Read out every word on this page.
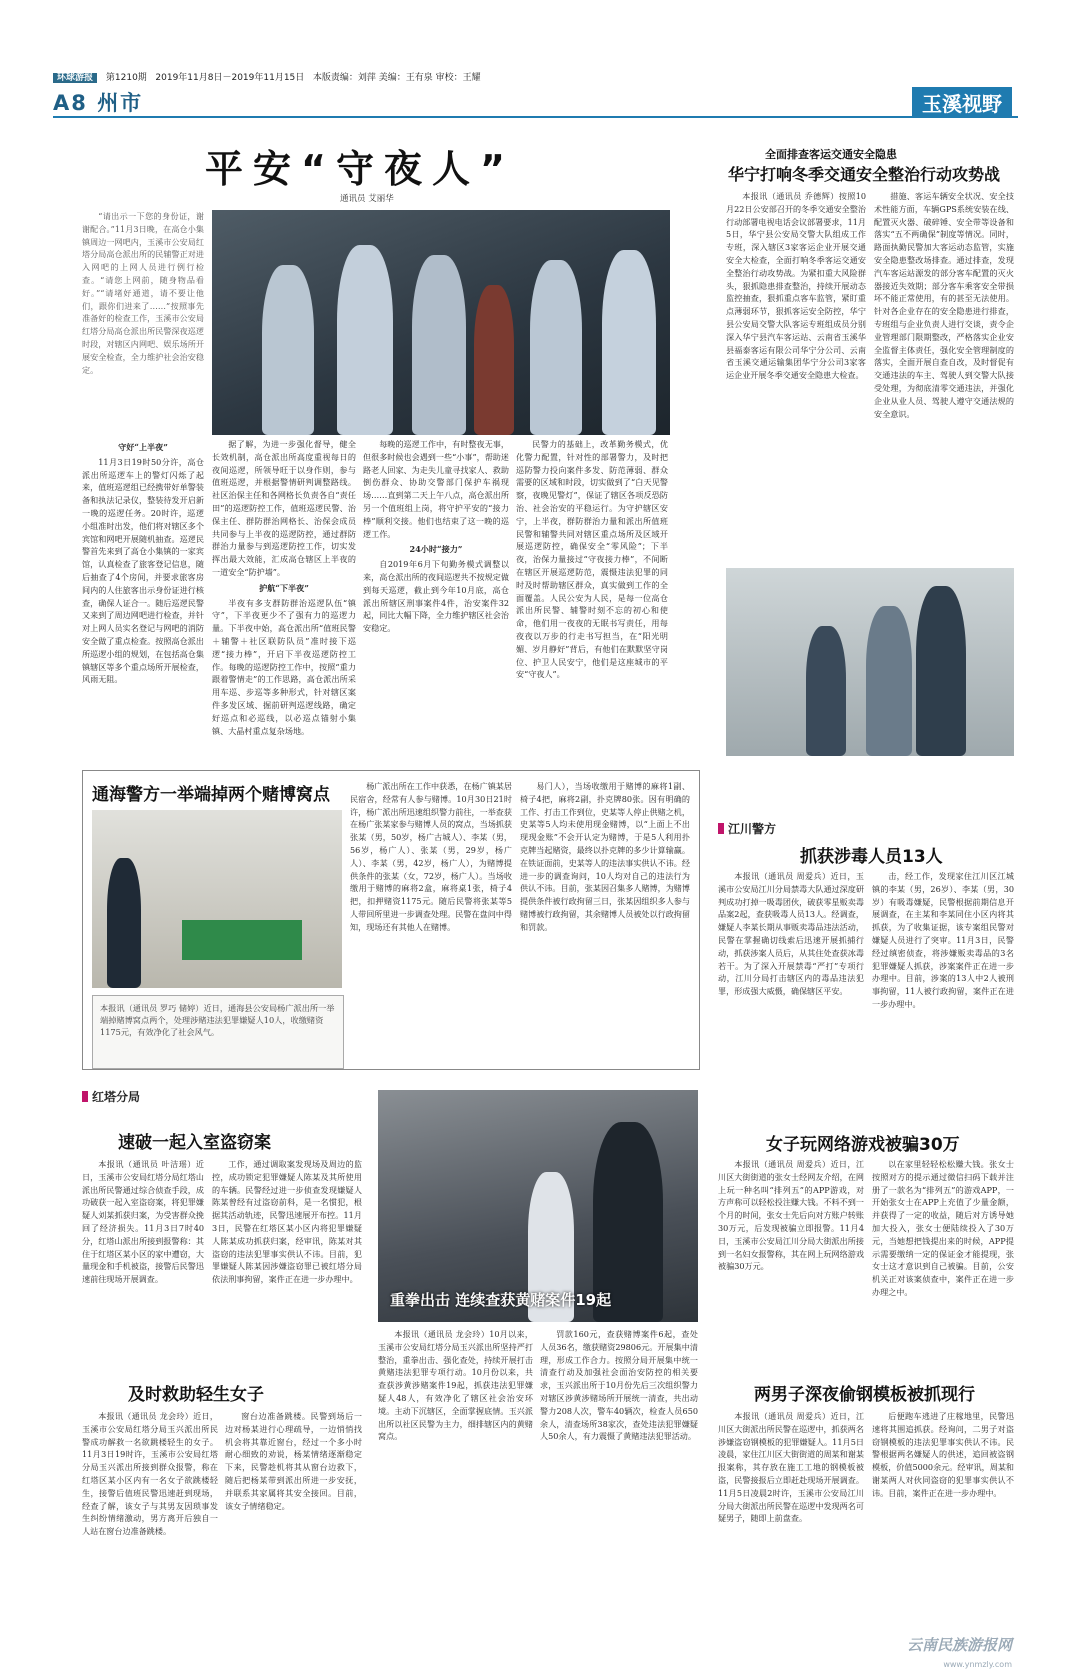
环球游报 第1210期 2019年11月8日－2019年11月15日 本版责编：刘萍 美编：王有泉 审校：王耀
A8 州市	玉溪视野
平安“守夜人”
通讯员 艾丽华

“请出示一下您的身份证，谢谢配合。”11月3日晚，在高仓小集镇周边一网吧内，玉溪市公安局红塔分局高仓派出所的民辅警正对进入网吧的上网人员进行例行检查。“请您上网前，随身物品看好。”“请堵好通道，请不要让他们，跟你们进来了……”按照事先准备好的检查工作，玉溪市公安局红塔分局高仓派出所民警深夜巡逻时段，对辖区内网吧、娱乐场所开展安全检查，全力维护社会治安稳定。

守好“上半夜”

11月3日19时50分许，高仓派出所巡逻车上的警灯闪烁了起来，值班巡逻组已经携带好单警装备和执法记录仪，整装待发开启新一晚的巡逻任务。20时许，巡逻小组准时出发，他们将对辖区多个宾馆和网吧开展随机抽查。巡逻民警首先来到了高仓小集镇的一家宾馆，认真检查了旅客登记信息，随后抽查了4个房间，并要求旅客房间内的人住旅客出示身份证进行核查，确保人证合一。随后巡逻民警又来到了周边网吧进行检查，并针对上网人员实名登记与网吧的消防安全做了重点检查。按照高仓派出所巡逻小组的规划，在包括高仓集镇辖区等多个重点场所开展检查，风雨无阻。

据了解，为进一步强化督导，健全长效机制，高仓派出所高度重视每日的夜间巡逻，所领导旺于以身作则，参与值班巡逻，并根据警情研判调整路线。社区治保主任和各网格长负责各自“责任田”的巡逻防控工作，值班巡逻民警、治保主任、群防群治网格长、治保会成员共同参与上半夜的巡逻防控，通过群防群治力量参与到巡逻防控工作，切实发挥出最大效能，汇成高仓辖区上半夜的一道安全“防护墙”。

护航“下半夜”

半夜有多支群防群治巡逻队伍“镇守”，下半夜更少不了强有力的巡逻力量。下半夜中始，高仓派出所“值班民警＋辅警＋社区联防队员”准时接下巡逻“接力棒”，开启下半夜巡逻防控工作。每晚的巡逻防控工作中，按照“重力跟着警情走”的工作思路，高仓派出所采用车巡、步巡等多种形式，针对辖区案件多发区域、掘前研判巡逻线路，确定好巡点和必巡线，以必巡点锚射小集镇、大晶村重点复杂场地。

每晚的巡逻工作中，有时整夜无事，但很多时候也会遇到一些“小事”，帮助迷路老人回家、为走失儿童寻找家人、救助倒伤群众、协助交警部门保护车祸现场……直到第二天上午八点，高仓派出所另一个值班组上岗，将守护平安的“接力棒”顺利交接。他们也结束了这一晚的巡逻工作。

24小时“接力”

自2019年6月下旬勤务模式调整以来，高仓派出所的夜间巡逻共不按规定做到每天巡逻，截止到今年10月底，高仓派出所辖区刑事案件4件，治安案件32起，同比大幅下降，全力维护辖区社会治安稳定。

民警力的基础上，改革勤务模式，优化警力配置，针对性的部署警力，及时把巡防警力投向案件多发、防范薄弱、群众需要的区域和时段，切实做到了“白天见警察，夜晚见警灯”，保证了辖区各项反恐防治、社会治安的平稳运行。为守护辖区安宁，上半夜，群防群治力量和派出所值班民警和辅警共同对辖区重点场所及区域开展巡逻防控，确保安全“零风险”；下半夜，治保力量接过“守夜接力棒”，不间断在辖区开展巡逻防范，震慑违法犯罪的同时及时帮助辖区群众，真实做到工作的全面覆盖。人民公安为人民，是每一位高仓派出所民警、辅警时刻不忘的初心和使命，他们用一夜夜的无眠书写责任，用每夜夜以万步的行走书写担当，在“阳光明媚、岁月静好”背后，有他们在默默坚守岗位、护卫人民安宁，他们是这座城市的平安“守夜人”。

全面排查客运交通安全隐患
华宁打响冬季交通安全整治行动攻势战

本报讯（通讯员 乔德辉）按照10月22日公安部召开的冬季交通安全整治行动部署电视电话会议部署要求，11月5日，华宁县公安局交警大队组成工作专班，深入辖区3家客运企业开展交通安全大检查，全面打响冬季客运交通安全整治行动攻势战。为紧扣重大风险群头，狠抓隐患排查整治，持续开展动态监控抽查，狠抓重点客车监管，紧盯重点薄弱环节，狠抓客运安全防控，华宁县公安局交警大队客运专班组成员分别深入华宁县汽车客运站、云南省玉溪华县福泰客运有限公司华宁分公司、云南省玉溪交通运输集团华宁分公司3家客运企业开展冬季交通安全隐患大检查。

措施、客运车辆安全状况、安全技术性能方面，车辆GPS系统安装在线、配置灭火器、破碎锤、安全带等设备和落实“五不两确保”制度等情况。同时，路面执勤民警加大客运动态监管，实施安全隐患整改场排查。通过排查，发现汽车客运站源发的部分客车配置的灭火器接近失效期；部分客车乘客安全带损坏不能正常使用，有的甚至无法使用。针对各企业存在的安全隐患进行排查，专班组与企业负责人进行交谈，责令企业管理部门限期整改，严格落实企业安全监督主体责任，强化安全管理制度的落实，全面开展自查自改，及时督促有交通违法的车主、驾驶人到交警大队接受处理，为彻底清零交通违法，并强化企业从业人员、驾驶人遵守交通法规的安全意识。

通海警方一举端掉两个赌博窝点
本报讯（通讯员 罗巧 储婷）近日，通海县公安局杨广派出所一举端掉赌博窝点两个，处理涉赌违法犯罪嫌疑人10人，收缴赌资1175元，有效净化了社会风气。

杨广派出所在工作中获悉，在杨广镇某居民宿舍，经常有人参与赌博。10月30日21时许，杨广派出所迅速组织警力前往，一举查获在杨广张某家参与赌博人员的窝点，当场抓获张某（男，50岁，杨广古城人）、李某（男，56岁，杨广人）、张某（男，29岁，杨广人）、李某（男，42岁，杨广人），为赌博提供条件的张某（女，72岁，杨广人）。当场收缴用于赌博的麻将2盒，麻将桌1张，椅子4把，扣押赌资1175元。随后民警将张某等5人带回所里进一步调查处理。民警在盘问中得知，现场还有其他人在赌博。

易门人），当场收缴用于赌博的麻将1副、椅子4把，麻将2副，扑克牌80张。因有明确的工作、打击工作到位，史某等人停止供赌之机，史某等5人均未使用现金赌博，以“上面上不出现现金账”不会开认定为赌博，于是5人利用扑克牌当起赌资，最终以扑克牌的多少计算输赢。在铁证面前，史某等人的违法事实供认不讳。经进一步的调查询问，10人均对自己的违法行为供认不讳。目前，张某因召集多人赌博，为赌博提供条件被行政拘留三日，张某因组织多人参与赌博被行政拘留，其余赌博人员被处以行政拘留和罚款。

红塔分局
速破一起入室盗窃案

本报讯（通讯员 叶洁瑶）近日，玉溪市公安局红塔分局红塔山派出所民警通过综合侦查手段，成功破获一起入室盗窃案，将犯罪嫌疑人刘某抓获归案，为受害群众挽回了经济损失。11月3日7时40分，红塔山派出所接到报警称：其住于红塔区某小区的家中遭窃，大量现金和手机被盗，接警后民警迅速前往现场开展调查。

工作，通过调取案发现场及周边的监控，成功锁定犯罪嫌疑人陈某及其所使用的车辆。民警经过进一步侦查发现嫌疑人陈某曾经有过盗窃前科，是一名惯犯，根据其活动轨迹，民警迅速展开布控。11月3日，民警在红塔区某小区内将犯罪嫌疑人陈某成功抓获归案，经审讯，陈某对其盗窃的违法犯罪事实供认不讳。目前，犯罪嫌疑人陈某因涉嫌盗窃罪已被红塔分局依法刑事拘留，案件正在进一步办理中。

及时救助轻生女子

本报讯（通讯员 龙会玲）近日，玉溪市公安局红塔分局玉兴派出所民警成功解救一名欲跳楼轻生的女子。11月3日19时许，玉溪市公安局红塔分局玉兴派出所接到群众报警，称在红塔区某小区内有一名女子欲跳楼轻生，接警后值班民警迅速赶到现场，经查了解，该女子与其男友因琐事发生纠纷情绪激动，男方离开后独自一人站在窗台边准备跳楼。

窗台边准备跳楼。民警到场后一边对杨某进行心理疏导，一边悄悄找机会将其靠近窗台，经过一个多小时耐心细致的劝说，杨某情绪逐渐稳定下来，民警趁机将其从窗台边救下，随后把杨某带到派出所进一步安抚，并联系其家属将其安全接回。目前，该女子情绪稳定。

重拳出击 连续查获黄赌案件19起

本报讯（通讯员 龙会玲）10月以来，玉溪市公安局红塔分局玉兴派出所坚持严打整治，重拳出击、强化查处，持续开展打击黄赌违法犯罪专项行动。10月份以来，共查获涉黄涉赌案件19起，抓获违法犯罪嫌疑人48人，有效净化了辖区社会治安环境。主动下沉辖区，全面掌握底情。玉兴派出所以社区民警为主力，细排辖区内的黄赌窝点。

罚款160元，查获赌博案件6起，查处人员36名，缴获赌资29806元。开展集中清理，形成工作合力。按照分局开展集中统一清查行动及加强社会面治安防控的相关要求，玉兴派出所于10月份先后三次组织警力对辖区涉黄涉赌场所开展统一清查，共出动警力208人次，警车40辆次，检查人员650余人，清查场所38家次，查处违法犯罪嫌疑人50余人，有力震慑了黄赌违法犯罪活动。

江川警方
抓获涉毒人员13人

本报讯（通讯员 周爱兵）近日，玉溪市公安局江川分局禁毒大队通过深度研判成功打掉一吸毒团伙，破获零星贩卖毒品案2起，查获吸毒人员13人。经调查，嫌疑人李某长期从事贩卖毒品违法活动，民警在掌握确切线索后迅速开展抓捕行动，抓获涉案人员后，从其住处查获冰毒若干。为了深入开展禁毒“严打”专项行动，江川分局打击辖区内的毒品违法犯罪，形成强大威慑，确保辖区平安。

击，经工作，发现家住江川区江城镇的李某（男，26岁）、李某（男，30岁）有吸毒嫌疑，民警根据前期信息开展调查，在主某和李某同住小区内将其抓获，为了收集证据，该专案组民警对嫌疑人员进行了突审。11月3日，民警经过缜密侦查，将涉嫌贩卖毒品的3名犯罪嫌疑人抓获，涉案案件正在进一步办理中。目前，涉案的13人中2人被刑事拘留，11人被行政拘留，案件正在进一步办理中。

女子玩网络游戏被骗30万

本报讯（通讯员 周爱兵）近日，江川区大街街道的张女士经网友介绍，在网上玩一种名叫“排列五”的APP游戏，对方声称可以轻松投注赚大钱。不料不到一个月的时间，张女士先后向对方账户转账30万元，后发现被骗立即报警。11月4日，玉溪市公安局江川分局大街派出所接到一名妇女报警称，其在网上玩网络游戏被骗30万元。

以在家里轻轻松松赚大钱。张女士按照对方的提示通过微信扫码下载并注册了一款名为“排列五”的游戏APP，一开始张女士在APP上充值了少量金额，并获得了一定的收益，随后对方诱导她加大投入，张女士便陆续投入了30万元，当她想把钱提出来的时候，APP提示需要缴纳一定的保证金才能提现，张女士这才意识到自己被骗。目前，公安机关正对该案侦查中，案件正在进一步办理之中。

两男子深夜偷钢模板被抓现行

本报讯（通讯员 周爱兵）近日，江川区大街派出所民警在巡逻中，抓获两名涉嫌盗窃钢模板的犯罪嫌疑人。11月5日凌晨，家住江川区大街街道的周某和谢某报案称，其存放在施工工地的钢模板被盗，民警接报后立即赶赴现场开展调查。11月5日凌晨2时许，玉溪市公安局江川分局大街派出所民警在巡逻中发现两名可疑男子，随即上前盘查。

后便跑车逃进了庄稼地里，民警迅速将其围追抓获。经询问，二男子对盗窃钢模板的违法犯罪事实供认不讳。民警根据两名嫌疑人的供述，追回被盗钢模板，价值5000余元。经审讯，周某和谢某两人对伙同盗窃的犯罪事实供认不讳。目前，案件正在进一步办理中。

云南民族游报网
www.ynmzly.com
